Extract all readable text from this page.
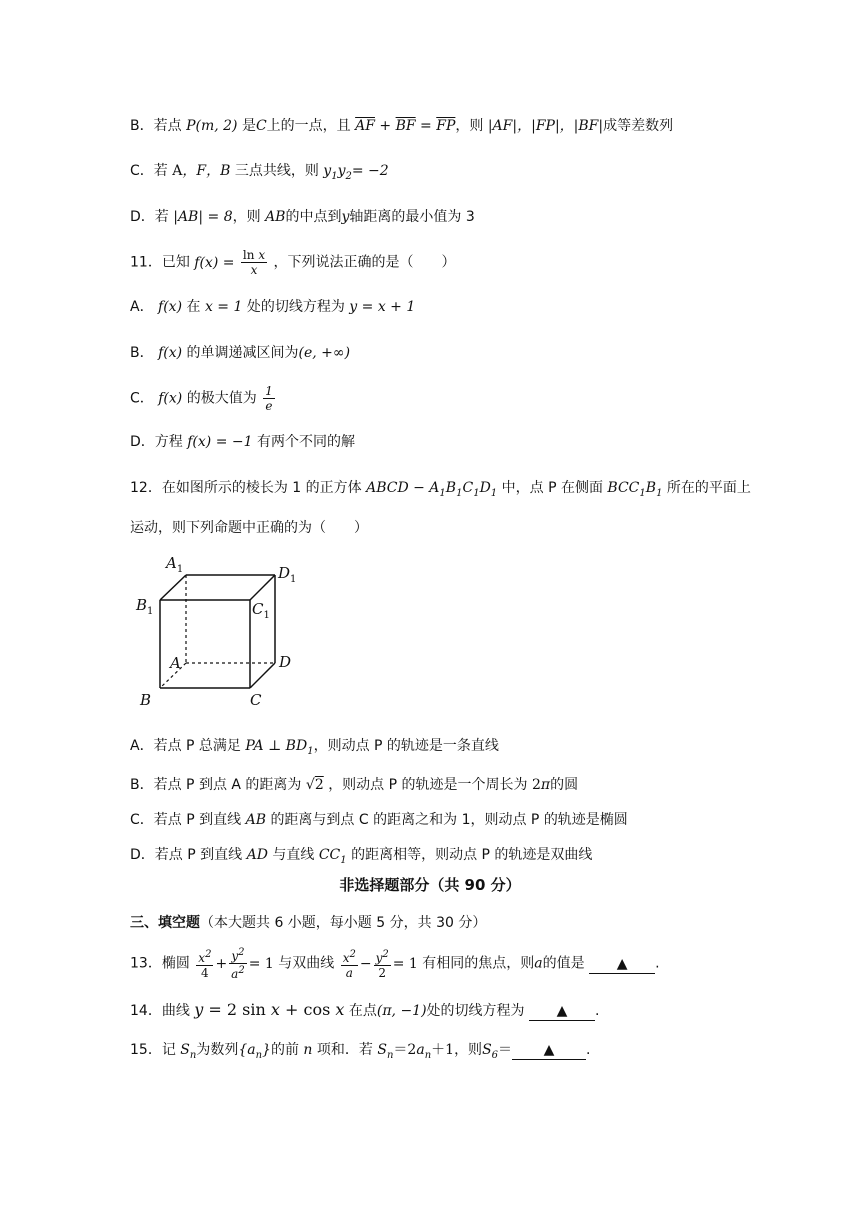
B．若点 P(m, 2) 是C上的一点，且 $\overline{AF} + \overline{BF} = \overline{FP}$，则 |AF|，|FP|，|BF|成等差数列
C．若 A，F，B 三点共线，则 $y_1y_2= -2$
D．若 |AB| = 8，则 AB的中点到y轴距离的最小值为 3
11．已知 $f(x) = \frac{\text{ln x}}{x}$ ，下列说法正确的是（　　）
A． f(x) 在 x = 1 处的切线方程为 y = x + 1
B． f(x) 的单调递减区间为(e, +∞)
C． f(x) 的极大值为 $\frac{1}{e}$
D．方程 f(x) = −1 有两个不同的解
12．在如图所示的棱长为 1 的正方体 ABCD − $A_1B_1C_1D_1$ 中，点 P 在侧面 $BCC_1B_1$ 所在的平面上
运动，则下列命题中正确的为（　　）
A
B	C
D
$A_1$
$B_1$	$C_1$
$D_1$
A．若点 P 总满足 PA ⊥ $BD_1$，则动点 P 的轨迹是一条直线
B．若点 P 到点 A 的距离为 √2 ，则动点 P 的轨迹是一个周长为 2π的圆
C．若点 P 到直线 AB 的距离与到点 C 的距离之和为 1，则动点 P 的轨迹是椭圆
D．若点 P 到直线 AD 与直线 $CC_1$ 的距离相等，则动点 P 的轨迹是双曲线
非选择题部分（共 90 分）
三、填空题（本大题共 6 小题，每小题 5 分，共 30 分）
13．椭圆 $\frac{x^2}{4} + \frac{y^2}{a^2} = 1$ 与双曲线 $\frac{x^2}{a} - \frac{y^2}{2} = 1$ 有相同的焦点，则a的值是 ▲ .
14．曲线 y = 2 sin x + cos x 在点(π, −1)处的切线方程为 ▲ .
15．记 $S_n$为数列$\{a_n\}$的前 n 项和．若 $S_n=2a_n+1$，则$S_6=$ ▲ .
